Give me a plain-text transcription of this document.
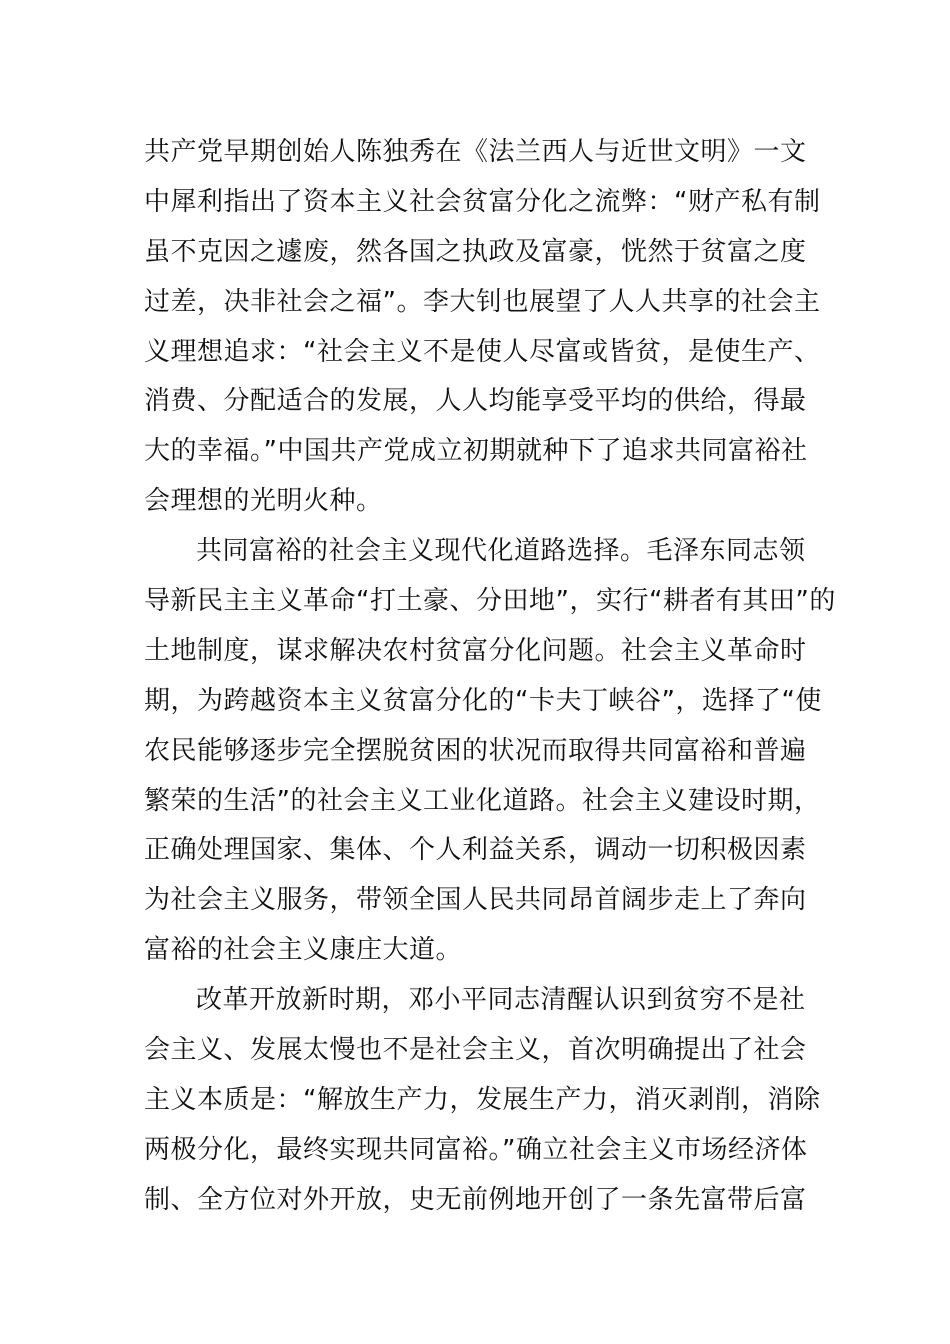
共产党早期创始人陈独秀在《法兰西人与近世文明》一文
中犀利指出了资本主义社会贫富分化之流弊：“财产私有制
虽不克因之遽废，然各国之执政及富豪，恍然于贫富之度
过差，决非社会之福”。李大钊也展望了人人共享的社会主
义理想追求：“社会主义不是使人尽富或皆贫，是使生产、
消费、分配适合的发展，人人均能享受平均的供给，得最
大的幸福。”中国共产党成立初期就种下了追求共同富裕社
会理想的光明火种。
共同富裕的社会主义现代化道路选择。毛泽东同志领
导新民主主义革命“打土豪、分田地”，实行“耕者有其田”的
土地制度，谋求解决农村贫富分化问题。社会主义革命时
期，为跨越资本主义贫富分化的“卡夫丁峡谷”，选择了“使
农民能够逐步完全摆脱贫困的状况而取得共同富裕和普遍
繁荣的生活”的社会主义工业化道路。社会主义建设时期，
正确处理国家、集体、个人利益关系，调动一切积极因素
为社会主义服务，带领全国人民共同昂首阔步走上了奔向
富裕的社会主义康庄大道。
改革开放新时期，邓小平同志清醒认识到贫穷不是社
会主义、发展太慢也不是社会主义，首次明确提出了社会
主义本质是：“解放生产力，发展生产力，消灭剥削，消除
两极分化，最终实现共同富裕。”确立社会主义市场经济体
制、全方位对外开放，史无前例地开创了一条先富带后富
